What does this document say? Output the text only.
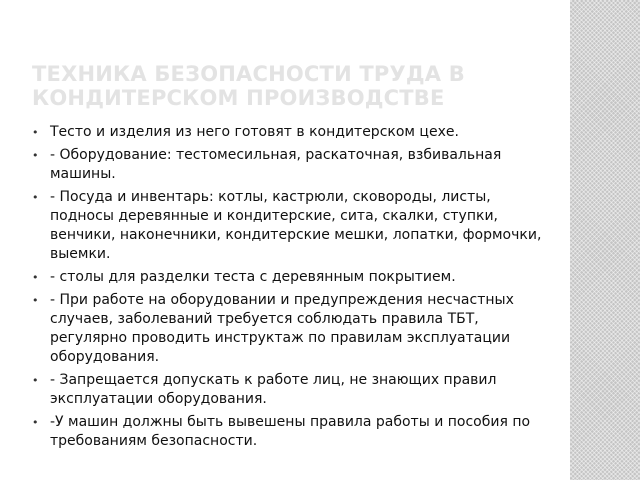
ТЕХНИКА БЕЗОПАСНОСТИ ТРУДА В КОНДИТЕРСКОМ ПРОИЗВОДСТВЕ
• Тесто и изделия из него готовят в кондитерском цехе.
• - Оборудование: тестомесильная, раскаточная, взбивальная машины.
• - Посуда и инвентарь: котлы, кастрюли, сковороды, листы, подносы деревянные и кондитерские, сита, скалки, ступки, венчики, наконечники, кондитерские мешки, лопатки, формочки, выемки.
• - столы для разделки теста с деревянным покрытием.
• - При работе на оборудовании и предупреждения несчастных случаев, заболеваний требуется соблюдать правила ТБТ, регулярно проводить инструктаж по правилам эксплуатации оборудования.
• - Запрещается допускать к работе лиц, не знающих правил эксплуатации оборудования.
• -У машин должны быть вывешены правила работы и пособия по требованиям безопасности.
